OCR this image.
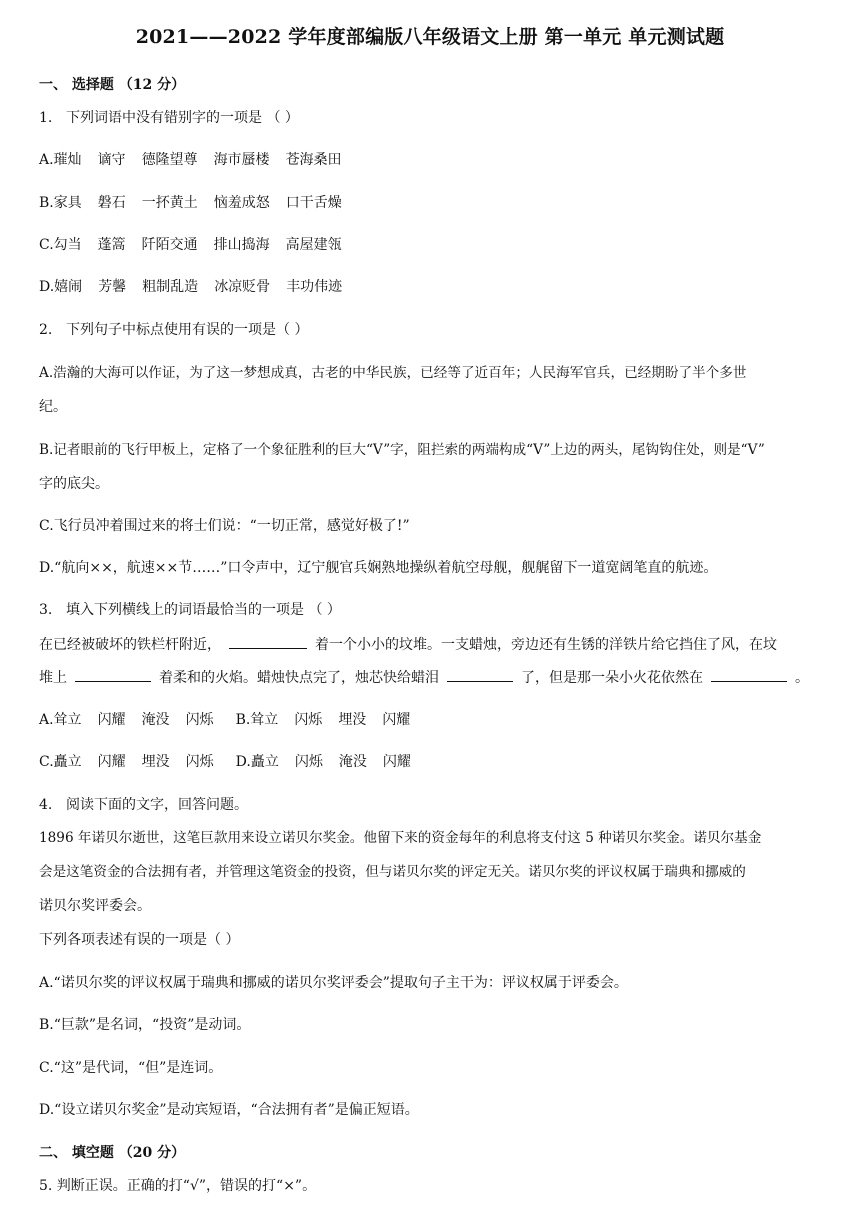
2021——2022 学年度部编版八年级语文上册 第一单元 单元测试题
一、 选择题 （12 分）
1. 下列词语中没有错别字的一项是 （ ）
A.璀灿 谪守 德隆望尊 海市蜃楼 苍海桑田
B.家具 磐石 一抔黄土 恼羞成怒 口干舌燥
C.勾当 蓬篙 阡陌交通 排山捣海 高屋建瓴
D.嬉闹 芳馨 粗制乱造 冰凉贬骨 丰功伟迹
2. 下列句子中标点使用有误的一项是（ ）
A.浩瀚的大海可以作证，为了这一梦想成真，古老的中华民族，已经等了近百年；人民海军官兵，已经期盼了半个多世
纪。
B.记者眼前的飞行甲板上，定格了一个象征胜利的巨大“V”字，阻拦索的两端构成“V”上边的两头，尾钩钩住处，则是“V”
字的底尖。
C.飞行员冲着围过来的将士们说：“一切正常，感觉好极了!”
D.“航向××，航速××节……”口令声中，辽宁舰官兵娴熟地操纵着航空母舰，舰艉留下一道宽阔笔直的航迹。
3. 填入下列横线上的词语最恰当的一项是 （ ）
在已经被破坏的铁栏杆附近，	着一个小小的坟堆。一支蜡烛，旁边还有生锈的洋铁片给它挡住了风，在坟
堆上	着柔和的火焰。蜡烛快点完了，烛芯快给蜡泪	了，但是那一朵小火花依然在	。
A.耸立 闪耀 淹没 闪烁 B.耸立 闪烁 埋没 闪耀
C.矗立 闪耀 埋没 闪烁 D.矗立 闪烁 淹没 闪耀
4. 阅读下面的文字，回答问题。
1896 年诺贝尔逝世，这笔巨款用来设立诺贝尔奖金。他留下来的资金每年的利息将支付这 5 种诺贝尔奖金。诺贝尔基金
会是这笔资金的合法拥有者，并管理这笔资金的投资，但与诺贝尔奖的评定无关。诺贝尔奖的评议权属于瑞典和挪威的
诺贝尔奖评委会。
下列各项表述有误的一项是（ ）
A.“诺贝尔奖的评议权属于瑞典和挪威的诺贝尔奖评委会”提取句子主干为：评议权属于评委会。
B.“巨款”是名词，“投资”是动词。
C.“这”是代词，“但”是连词。
D.“设立诺贝尔奖金”是动宾短语，“合法拥有者”是偏正短语。
二、 填空题 （20 分）
5. 判断正误。正确的打“√”，错误的打“×”。
